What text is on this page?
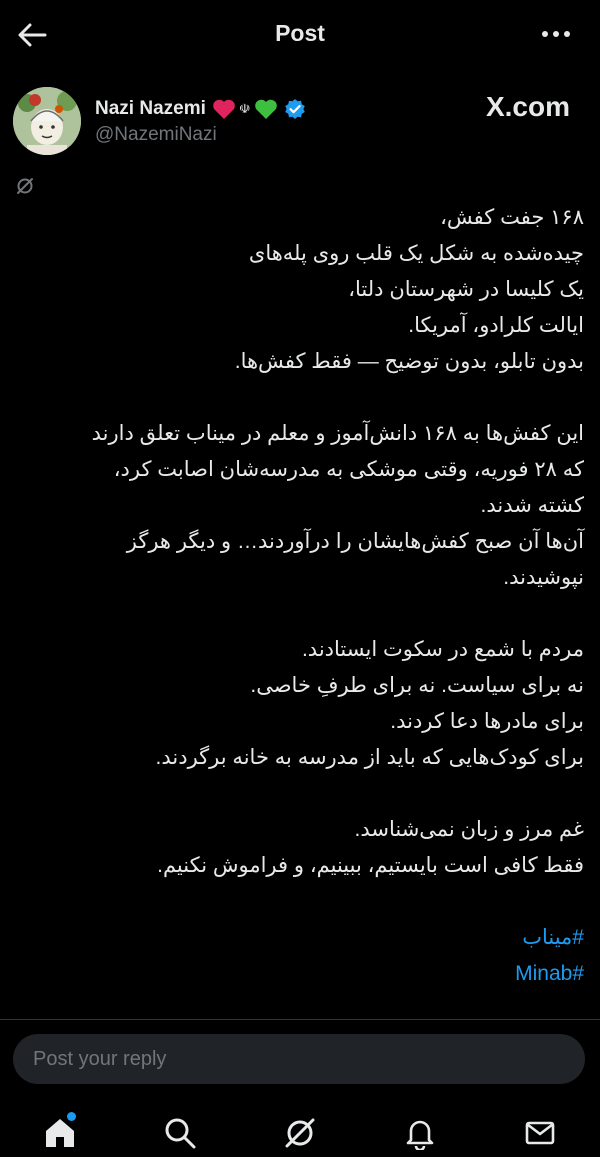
Post
Nazi Nazemi	☫
@NazemiNazi
X.com
۱۶۸ جفت کفش،
چیده‌شده به شکل یک قلب روی پله‌های
یک کلیسا در شهرستان دلتا،
ایالت کلرادو، آمریکا.
بدون تابلو، بدون توضیح — فقط کفش‌ها.
این کفش‌ها به ۱۶۸ دانش‌آموز و معلم در میناب تعلق دارند
که ۲۸ فوریه، وقتی موشکی به مدرسه‌شان اصابت کرد،
کشته شدند.
آن‌ها آن صبح کفش‌هایشان را درآوردند… و دیگر هرگز
نپوشیدند.
مردم با شمع در سکوت ایستادند.
نه برای سیاست. نه برای طرفِ خاصی.
برای مادرها دعا کردند.
برای کودک‌هایی که باید از مدرسه به خانه برگردند.
غم مرز و زبان نمی‌شناسد.
فقط کافی است بایستیم، ببینیم، و فراموش نکنیم.
#میناب
#Minab
Post your reply
